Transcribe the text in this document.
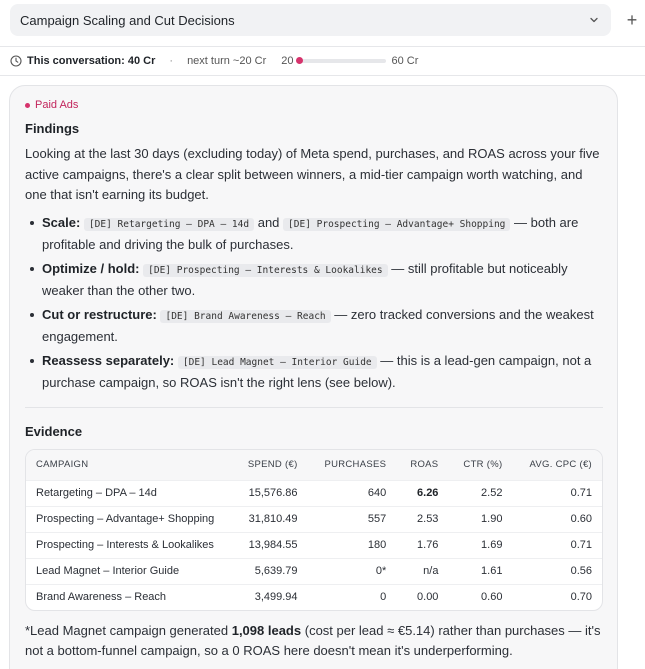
Campaign Scaling and Cut Decisions	+
This conversation: 40 Cr · next turn ~20 Cr 20	60 Cr
Paid Ads
Findings

Looking at the last 30 days (excluding today) of Meta spend, purchases, and ROAS across your five active campaigns, there's a clear split between winners, a mid-tier campaign worth watching, and one that isn't earning its budget.

Scale: [DE] Retargeting – DPA – 14d and [DE] Prospecting – Advantage+ Shopping — both are profitable and driving the bulk of purchases.
Optimize / hold: [DE] Prospecting – Interests & Lookalikes — still profitable but noticeably weaker than the other two.
Cut or restructure: [DE] Brand Awareness – Reach — zero tracked conversions and the weakest engagement.
Reassess separately: [DE] Lead Magnet – Interior Guide — this is a lead-gen campaign, not a purchase campaign, so ROAS isn't the right lens (see below).
Evidence
CAMPAIGN	SPEND (€)	PURCHASES	ROAS	CTR (%)	AVG. CPC (€)
Retargeting – DPA – 14d	15,576.86	640	6.26	2.52	0.71
Prospecting – Advantage+ Shopping	31,810.49	557	2.53	1.90	0.60
Prospecting – Interests & Lookalikes	13,984.55	180	1.76	1.69	0.71
Lead Magnet – Interior Guide	5,639.79	0*	n/a	1.61	0.56
Brand Awareness – Reach	3,499.94	0	0.00	0.60	0.70

*Lead Magnet campaign generated 1,098 leads (cost per lead ≈ €5.14) rather than purchases — it's not a bottom-funnel campaign, so a 0 ROAS here doesn't mean it's underperforming.
